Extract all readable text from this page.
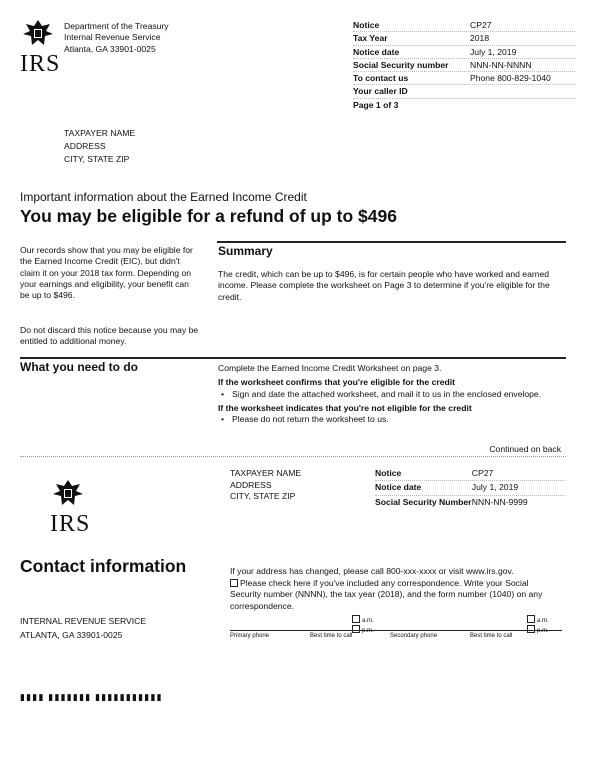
IRS
Department of the Treasury
Internal Revenue Service
Atlanta, GA 33901-0025
Notice	CP27
Tax Year	2018
Notice date	July 1, 2019
Social Security number	NNN-NN-NNNN
To contact us	Phone 800-829-1040
Your caller ID
Page 1 of 3
TAXPAYER NAME
ADDRESS
CITY, STATE ZIP
Important information about the Earned Income Credit
You may be eligible for a refund of up to $496
Our records show that you may be eligible for the Earned Income Credit (EIC), but didn't claim it on your 2018 tax form. Depending on your earnings and eligibility, your benefit can be up to $496.
Do not discard this notice because you may be entitled to additional money.
Summary
The credit, which can be up to $496, is for certain people who have worked and earned income. Please complete the worksheet on Page 3 to determine if you're eligible for the credit.
What you need to do	Complete the Earned Income Credit Worksheet on page 3.
If the worksheet confirms that you're eligible for the credit
• Sign and date the attached worksheet, and mail it to us in the enclosed envelope.
If the worksheet indicates that you're not eligible for the credit
• Please do not return the worksheet to us.
Continued on back
IRS
TAXPAYER NAME
ADDRESS
CITY, STATE ZIP
Notice	CP27
Notice date	July 1, 2019
Social Security Number NNN-NN-9999
Contact information	If your address has changed, please call 800-xxx-xxxx or visit www.irs.gov.
Please check here if you've included any correspondence. Write your Social Security number (NNNN), the tax year (2018), and the form number (1040) on any correspondence.
INTERNAL REVENUE SERVICE
ATLANTA, GA 33901-0025
a.m.
p.m.
a.m.
p.m.
Primary phone	Best time to call	Secondary phone	Best time to call
▮▮▮▮ ▮▮▮▮▮▮▮ ▮▮▮▮▮▮▮▮▮▮▮
